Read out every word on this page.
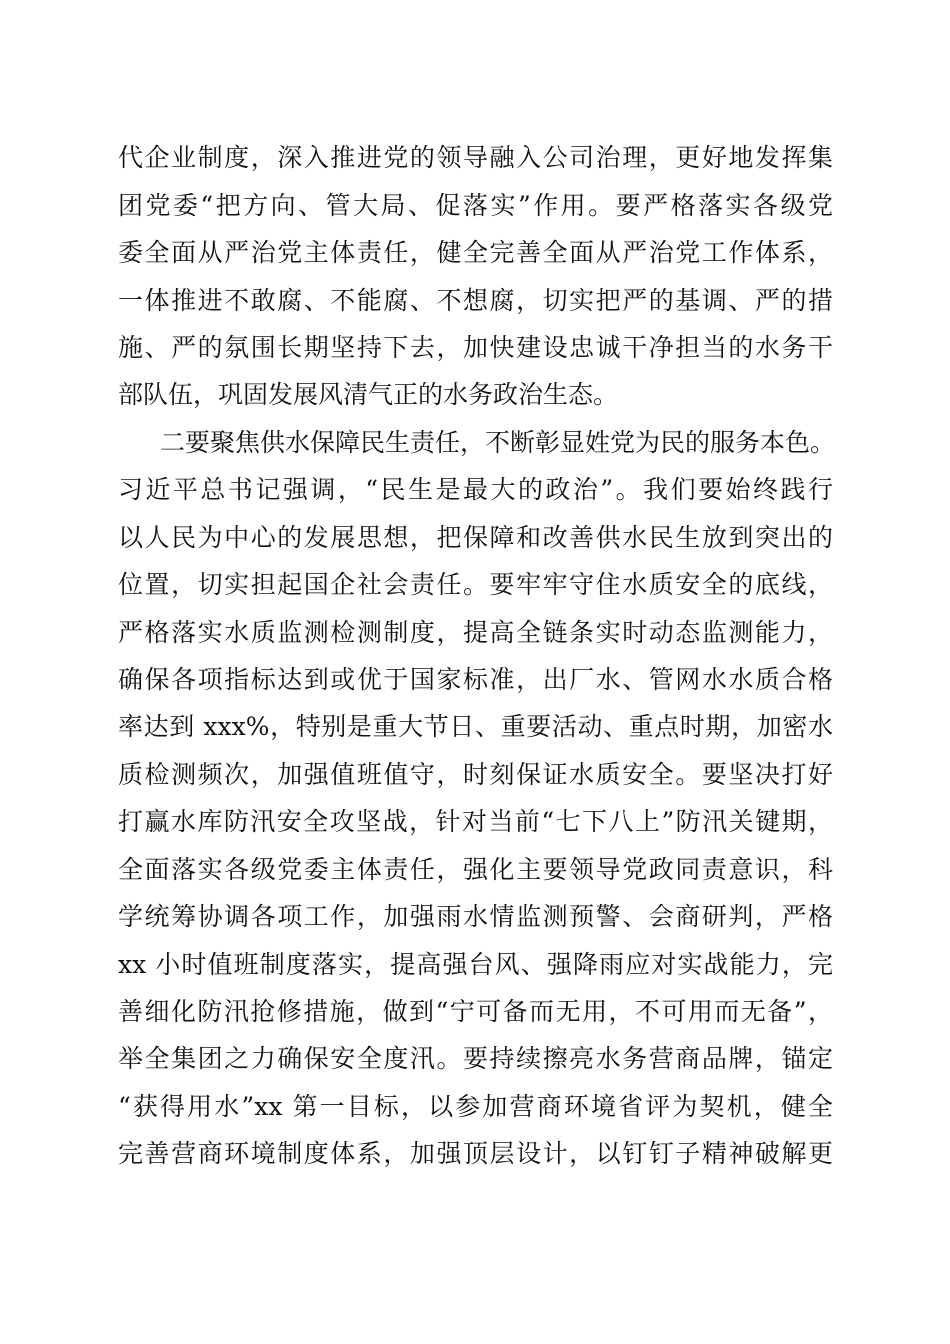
代企业制度，深入推进党的领导融入公司治理，更好地发挥集
团党委“把方向、管大局、促落实”作用。要严格落实各级党
委全面从严治党主体责任，健全完善全面从严治党工作体系，
一体推进不敢腐、不能腐、不想腐，切实把严的基调、严的措
施、严的氛围长期坚持下去，加快建设忠诚干净担当的水务干
部队伍，巩固发展风清气正的水务政治生态。
二要聚焦供水保障民生责任，不断彰显姓党为民的服务本色。
习近平总书记强调，“民生是最大的政治”。我们要始终践行
以人民为中心的发展思想，把保障和改善供水民生放到突出的
位置，切实担起国企社会责任。要牢牢守住水质安全的底线，
严格落实水质监测检测制度，提高全链条实时动态监测能力，
确保各项指标达到或优于国家标准，出厂水、管网水水质合格
率达到 xxx%，特别是重大节日、重要活动、重点时期，加密水
质检测频次，加强值班值守，时刻保证水质安全。要坚决打好
打赢水库防汛安全攻坚战，针对当前“七下八上”防汛关键期，
全面落实各级党委主体责任，强化主要领导党政同责意识，科
学统筹协调各项工作，加强雨水情监测预警、会商研判，严格
xx 小时值班制度落实，提高强台风、强降雨应对实战能力，完
善细化防汛抢修措施，做到“宁可备而无用，不可用而无备”，
举全集团之力确保安全度汛。要持续擦亮水务营商品牌，锚定
“获得用水”xx 第一目标，以参加营商环境省评为契机，健全
完善营商环境制度体系，加强顶层设计，以钉钉子精神破解更
